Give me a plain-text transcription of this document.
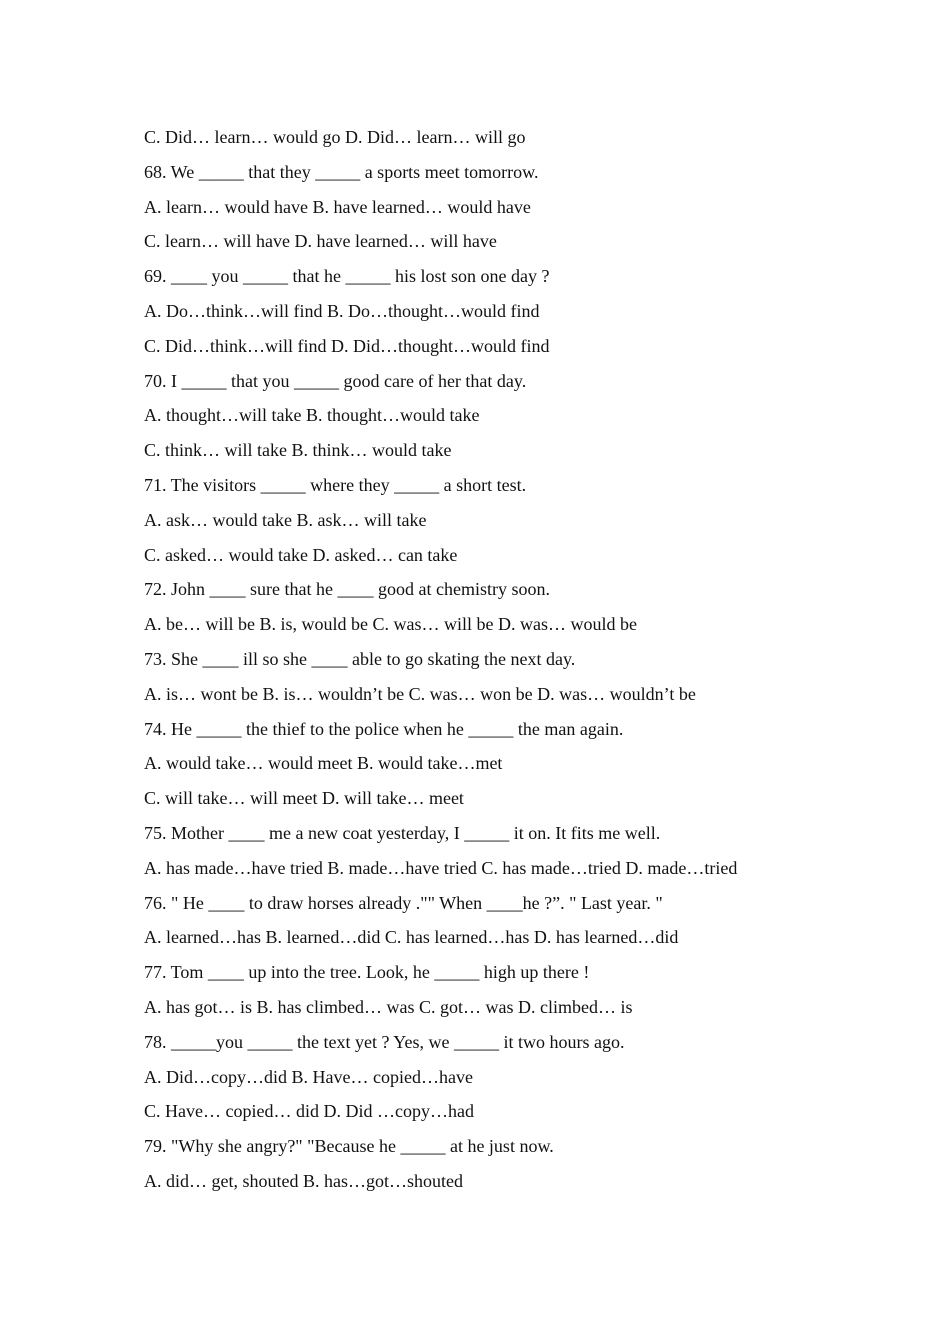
C. Did… learn… would go D. Did… learn… will go
68. We _____ that they _____ a sports meet tomorrow.
A. learn… would have B. have learned… would have
C. learn… will have D. have learned… will have
69. ____ you _____ that he _____ his lost son one day ?
A. Do…think…will find B. Do…thought…would find
C. Did…think…will find D. Did…thought…would find
70. I _____ that you _____ good care of her that day.
A. thought…will take B. thought…would take
C. think… will take B. think… would take
71. The visitors _____ where they _____ a short test.
A. ask… would take B. ask… will take
C. asked… would take D. asked… can take
72. John ____ sure that he ____ good at chemistry soon.
A. be… will be B. is, would be C. was… will be D. was… would be
73. She ____ ill so she ____ able to go skating the next day.
A. is… wont be B. is… wouldn’t be C. was… won be D. was… wouldn’t be
74. He _____ the thief to the police when he _____ the man again.
A. would take… would meet B. would take…met
C. will take… will meet D. will take… meet
75. Mother ____ me a new coat yesterday, I _____ it on. It fits me well.
A. has made…have tried B. made…have tried C. has made…tried D. made…tried
76. " He ____ to draw horses already ."" When ____he ?”. " Last year. "
A. learned…has B. learned…did C. has learned…has D. has learned…did
77. Tom ____ up into the tree. Look, he _____ high up there !
A. has got… is B. has climbed… was C. got… was D. climbed… is
78. _____you _____ the text yet ? Yes, we _____ it two hours ago.
A. Did…copy…did B. Have… copied…have
C. Have… copied… did D. Did …copy…had
79. "Why she angry?" "Because he _____ at he just now.
A. did… get, shouted B. has…got…shouted
